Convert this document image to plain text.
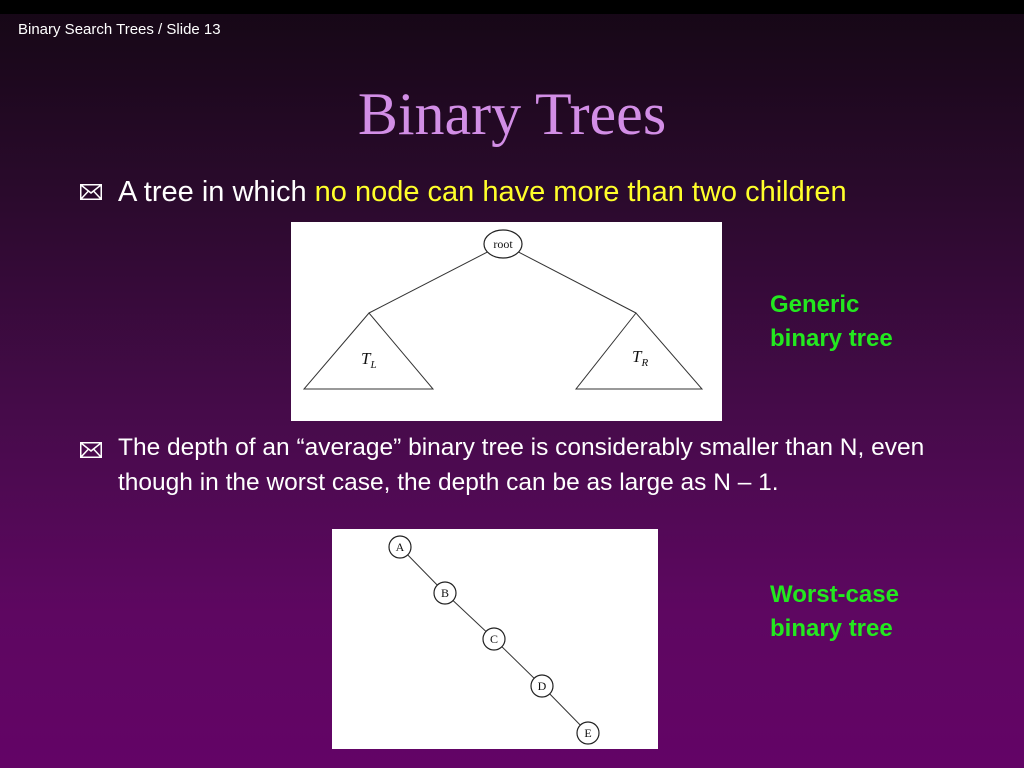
Binary Search Trees / Slide 13
Binary Trees
A tree in which no node can have more than two children
root
$T_L$	$T_R$
Generic
binary tree
The depth of an “average” binary tree is considerably smaller than N, even though in the worst case, the depth can be as large as N – 1.
A
B
C
D
E
Worst-case
binary tree
